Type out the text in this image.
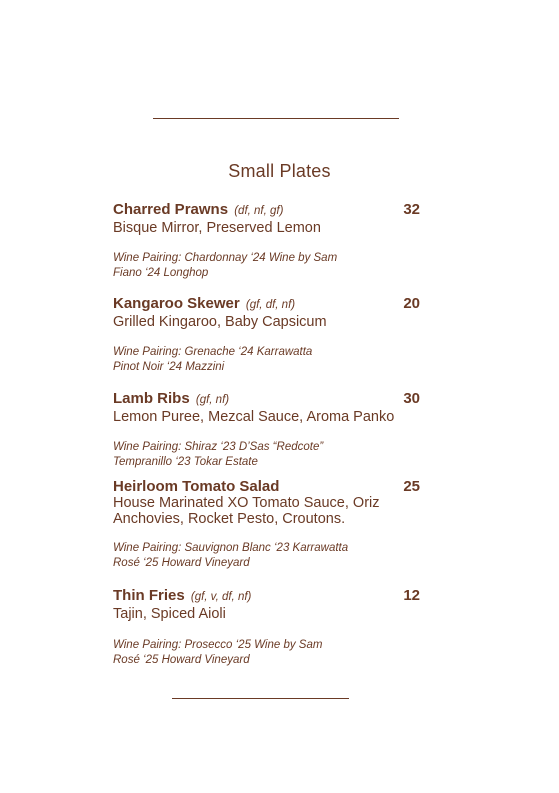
Small Plates
Charred Prawns (df, nf, gf)	32
Bisque Mirror, Preserved Lemon
Wine Pairing: Chardonnay ‘24 Wine by Sam
Fiano ‘24 Longhop
Kangaroo Skewer (gf, df, nf)	20
Grilled Kingaroo, Baby Capsicum
Wine Pairing: Grenache ‘24 Karrawatta
Pinot Noir ‘24 Mazzini
Lamb Ribs (gf, nf)	30
Lemon Puree, Mezcal Sauce, Aroma Panko
Wine Pairing: Shiraz ‘23 D’Sas “Redcote”
Tempranillo ‘23 Tokar Estate
Heirloom Tomato Salad	25
House Marinated XO Tomato Sauce, Oriz
Anchovies, Rocket Pesto, Croutons.
Wine Pairing: Sauvignon Blanc ‘23 Karrawatta
Rosé ‘25 Howard Vineyard
Thin Fries (gf, v, df, nf)	12
Tajin, Spiced Aioli
Wine Pairing: Prosecco ‘25 Wine by Sam
Rosé ‘25 Howard Vineyard
